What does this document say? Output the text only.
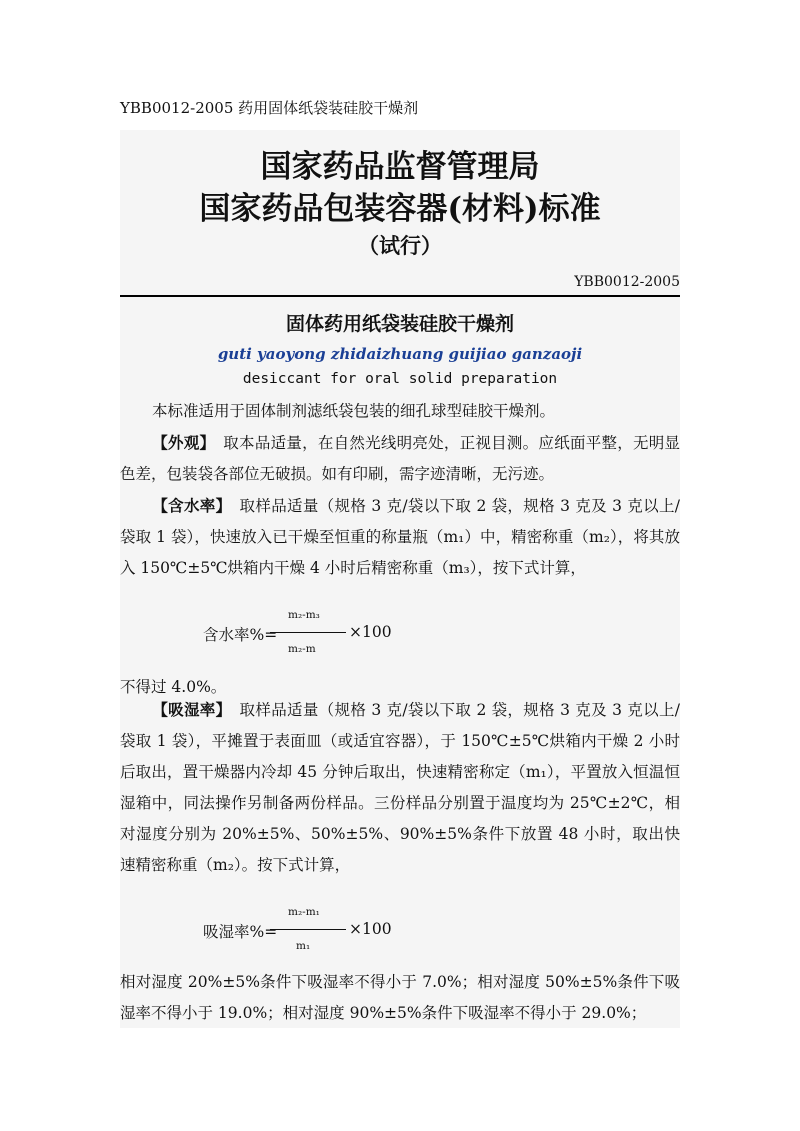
YBB0012-2005 药用固体纸袋装硅胶干燥剂
国家药品监督管理局
国家药品包装容器(材料)标准
（试行）
YBB0012-2005
固体药用纸袋装硅胶干燥剂
guti yaoyong zhidaizhuang guijiao ganzaoji
desiccant for oral solid preparation
本标准适用于固体制剂滤纸袋包装的细孔球型硅胶干燥剂。
【外观】　取本品适量，在自然光线明亮处，正视目测。应纸面平整，无明显色差，包装袋各部位无破损。如有印刷，需字迹清晰，无污迹。
【含水率】　取样品适量（规格 3 克/袋以下取 2 袋，规格 3 克及 3 克以上/袋取 1 袋），快速放入已干燥至恒重的称量瓶（m₁）中，精密称重（m₂），将其放入 150℃±5℃烘箱内干燥 4 小时后精密称重（m₃），按下式计算，
含水率%=
m₂-m₃
m₂-m
×100
不得过 4.0%。
【吸湿率】　取样品适量（规格 3 克/袋以下取 2 袋，规格 3 克及 3 克以上/袋取 1 袋），平摊置于表面皿（或适宜容器），于 150℃±5℃烘箱内干燥 2 小时后取出，置干燥器内冷却 45 分钟后取出，快速精密称定（m₁），平置放入恒温恒湿箱中，同法操作另制备两份样品。三份样品分别置于温度均为 25℃±2℃，相对湿度分别为 20%±5%、50%±5%、90%±5%条件下放置 48 小时，取出快速精密称重（m₂）。按下式计算，
吸湿率%=
m₂-m₁
m₁
×100
相对湿度 20%±5%条件下吸湿率不得小于 7.0%；相对湿度 50%±5%条件下吸湿率不得小于 19.0%；相对湿度 90%±5%条件下吸湿率不得小于 29.0%；
